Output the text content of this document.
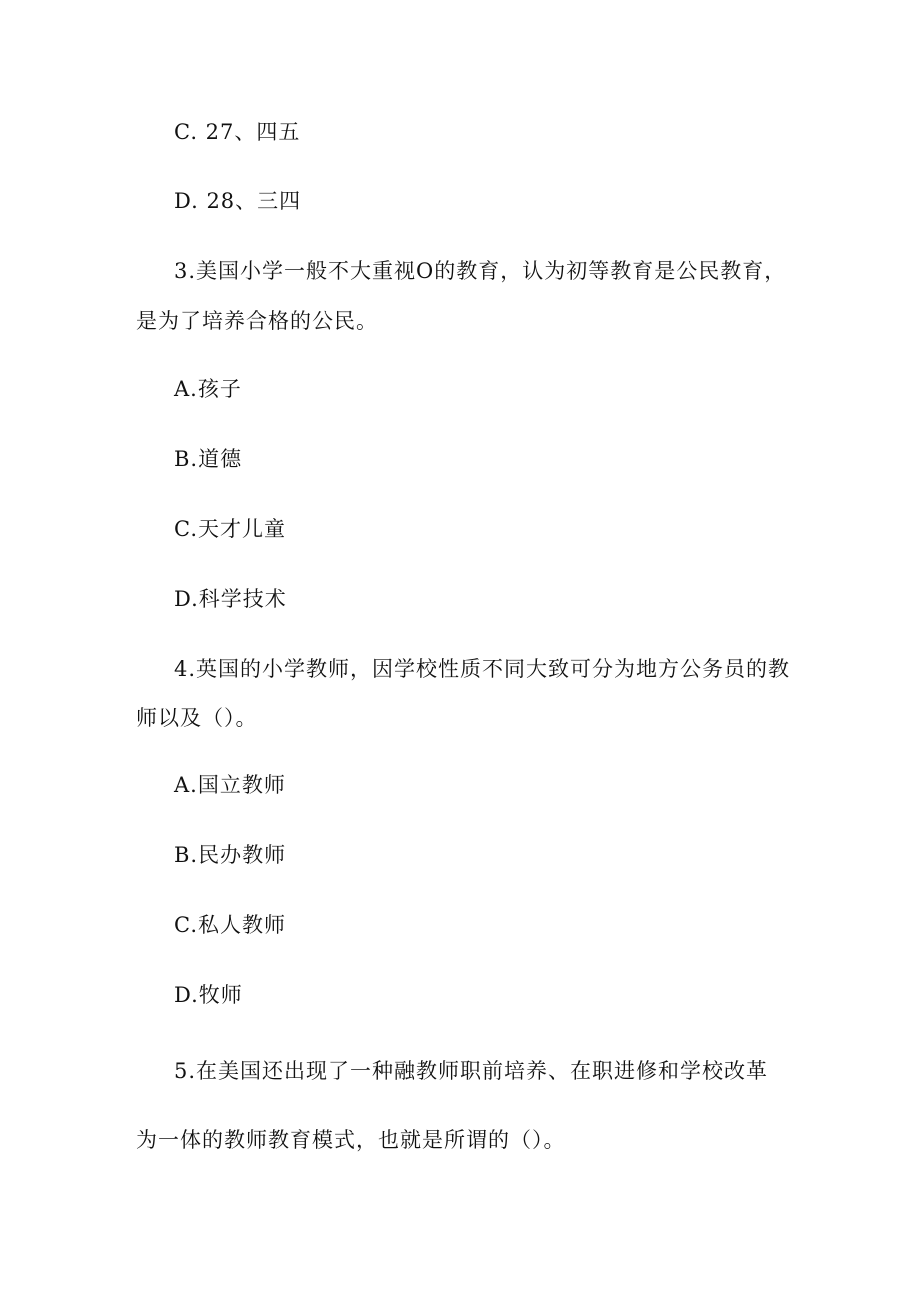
C. 27、四五
D. 28、三四
3.美国小学一般不大重视O的教育，认为初等教育是公民教育，
是为了培养合格的公民。
A.孩子
B.道德
C.天才儿童
D.科学技术
4.英国的小学教师，因学校性质不同大致可分为地方公务员的教
师以及（）。
A.国立教师
B.民办教师
C.私人教师
D.牧师
5.在美国还出现了一种融教师职前培养、在职进修和学校改革
为一体的教师教育模式，也就是所谓的（）。
